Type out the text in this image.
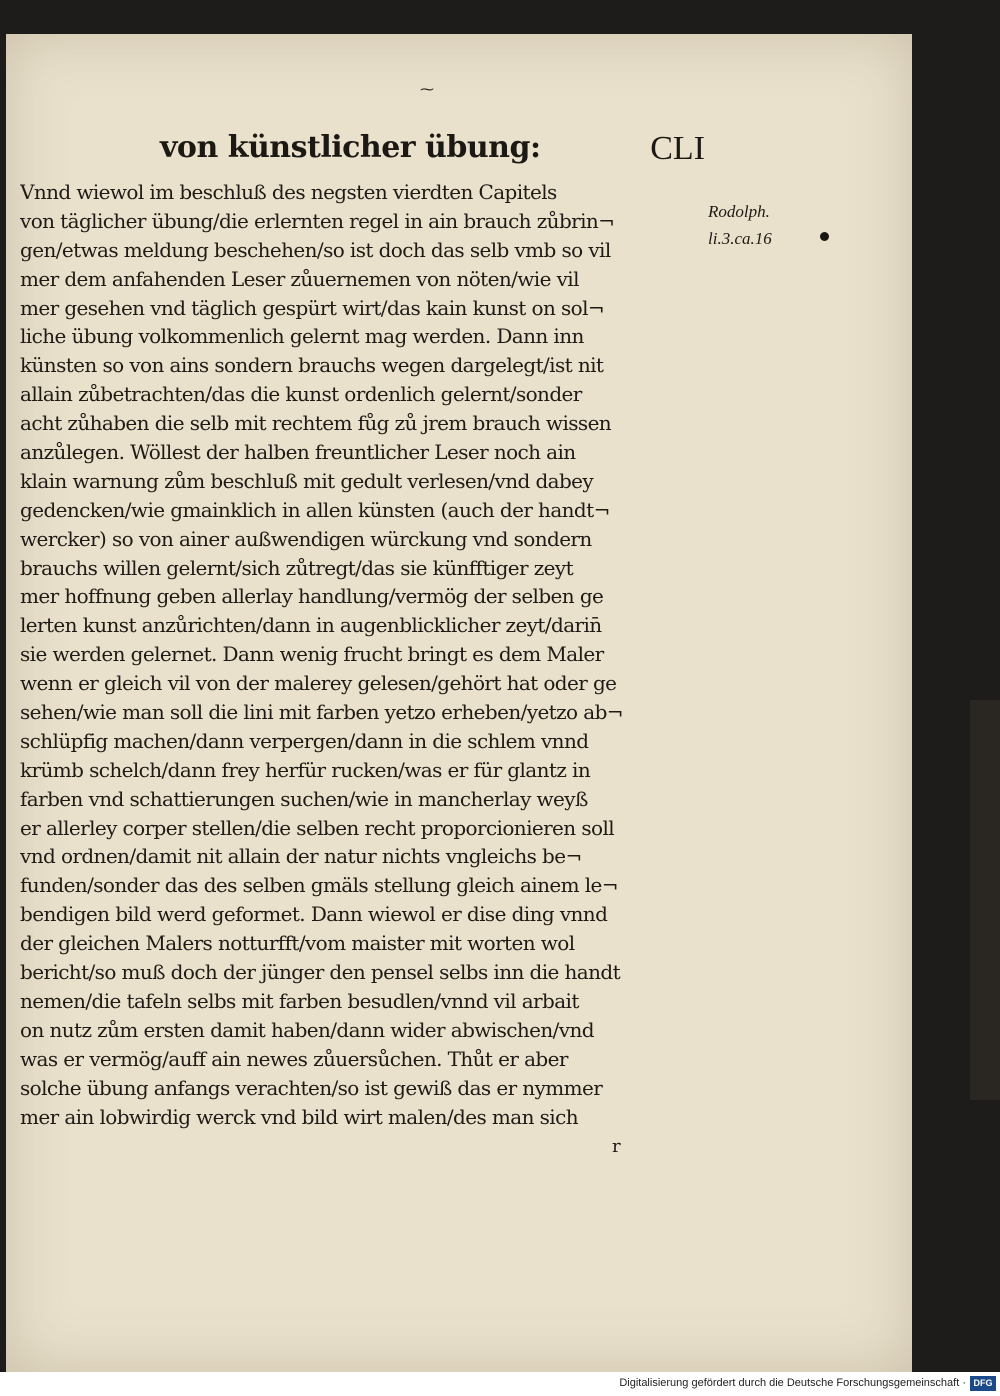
⁓
von künstlicher übung:	CLI
Vnnd wiewol im beschluß des negsten vierdten Capitels
von täglicher übung/die erlernten regel in ain brauch zůbrin¬
gen/etwas meldung beschehen/so ist doch das selb vmb so vil
mer dem anfahenden Leser zůuernemen von nöten/wie vil
mer gesehen vnd täglich gespürt wirt/das kain kunst on sol¬
liche übung volkommenlich gelernt mag werden. Dann inn
künsten so von ains sondern brauchs wegen dargelegt/ist nit
allain zůbetrachten/das die kunst ordenlich gelernt/sonder
acht zůhaben die selb mit rechtem fůg zů jrem brauch wissen
anzůlegen. Wöllest der halben freuntlicher Leser noch ain
klain warnung zům beschluß mit gedult verlesen/vnd dabey
gedencken/wie gmainklich in allen künsten (auch der handt¬
wercker) so von ainer außwendigen würckung vnd sondern
brauchs willen gelernt/sich zůtregt/das sie künfftiger zeyt
mer hoffnung geben allerlay handlung/vermög der selben ge
lerten kunst anzůrichten/dann in augenblicklicher zeyt/darin̄
sie werden gelernet. Dann wenig frucht bringt es dem Maler
wenn er gleich vil von der malerey gelesen/gehört hat oder ge
sehen/wie man soll die lini mit farben yetzo erheben/yetzo ab¬
schlüpfig machen/dann verpergen/dann in die schlem vnnd
krümb schelch/dann frey herfür rucken/was er für glantz in
farben vnd schattierungen suchen/wie in mancherlay weyß
er allerley corper stellen/die selben recht proporcionieren soll
vnd ordnen/damit nit allain der natur nichts vngleichs be¬
funden/sonder das des selben gmäls stellung gleich ainem le¬
bendigen bild werd geformet. Dann wiewol er dise ding vnnd
der gleichen Malers notturfft/vom maister mit worten wol
bericht/so muß doch der jünger den pensel selbs inn die handt
nemen/die tafeln selbs mit farben besudlen/vnnd vil arbait
on nutz zům ersten damit haben/dann wider abwischen/vnd
was er vermög/auff ain newes zůuersůchen. Thůt er aber
solche übung anfangs verachten/so ist gewiß das er nymmer
mer ain lobwirdig werck vnd bild wirt malen/des man sich
Rodolph.
li.3.ca.16
r
Digitalisierung gefördert durch die Deutsche Forschungsgemeinschaft · DFG
